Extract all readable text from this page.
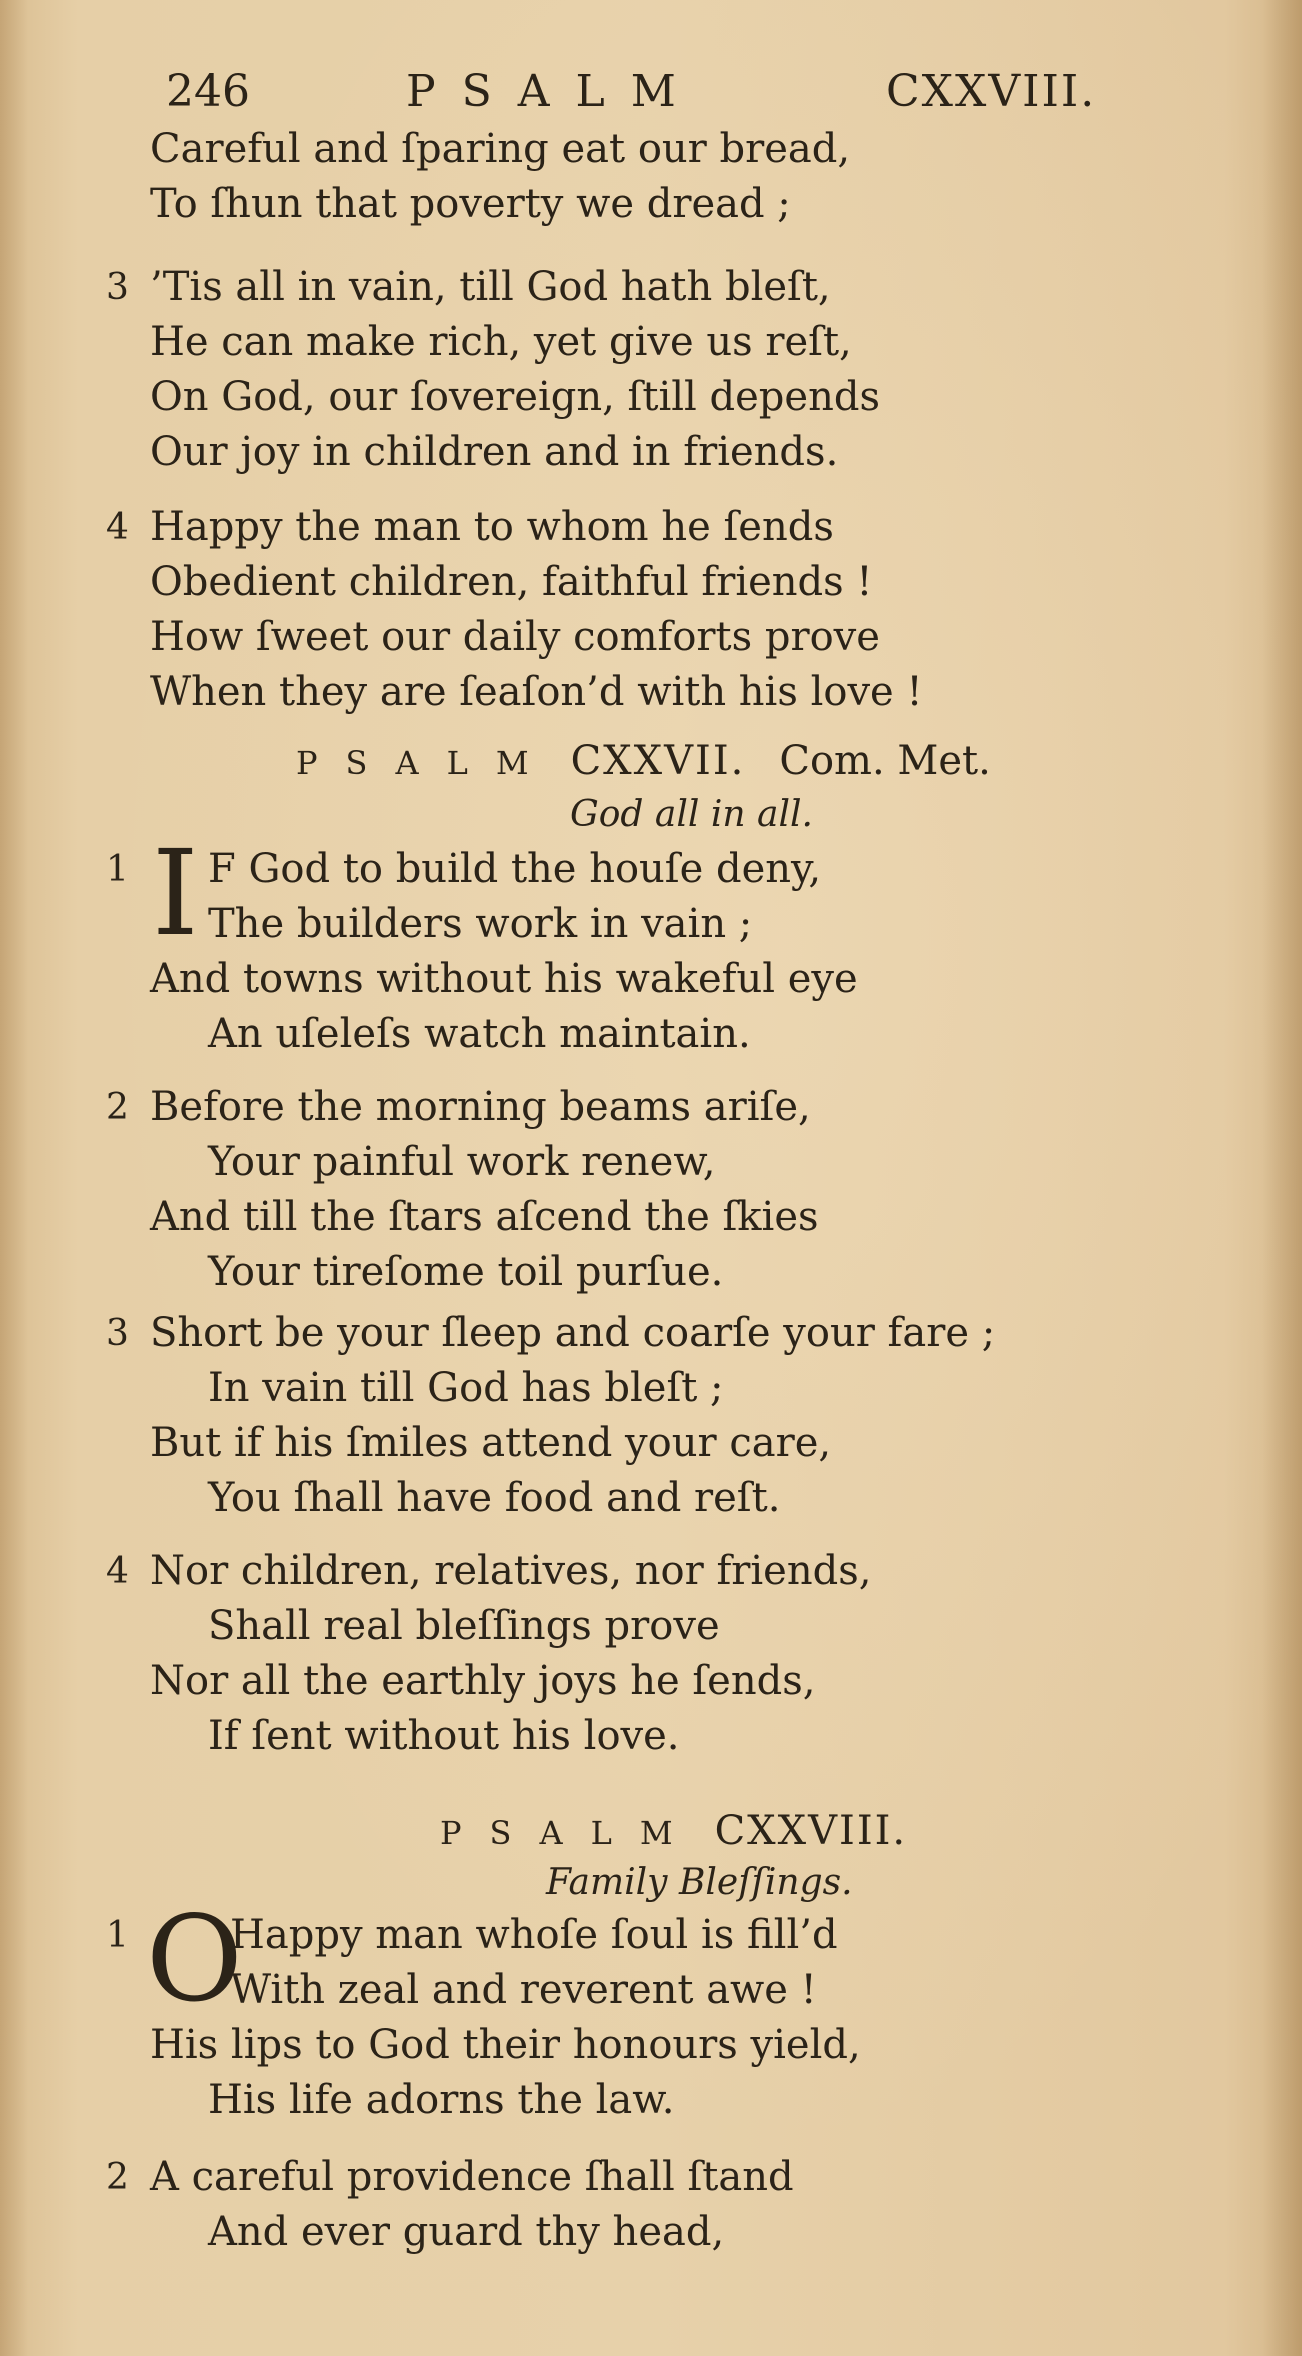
246	PSALM	CXXVIII.
Careful and ſparing eat our bread,
To ſhun that poverty we dread ;
3 ’Tis all in vain, till God hath bleſt,
He can make rich, yet give us reſt,
On God, our ſovereign, ſtill depends
Our joy in children and in friends.
4 Happy the man to whom he ſends
Obedient children, faithful friends !
How ſweet our daily comforts prove
When they are ſeaſon’d with his love !
PSALM CXXVII. Com. Met.
God all in all.
I
1 F God to build the houſe deny,
The builders work in vain ;
And towns without his wakeful eye
An uſeleſs watch maintain.
2 Before the morning beams ariſe,
Your painful work renew,
And till the ſtars aſcend the ſkies
Your tireſome toil purſue.
3 Short be your ſleep and coarſe your fare ;
In vain till God has bleſt ;
But if his ſmiles attend your care,
You ſhall have food and reſt.
4 Nor children, relatives, nor friends,
Shall real bleſſings prove
Nor all the earthly joys he ſends,
If ſent without his love.
PSALM CXXVIII.
Family Bleſſings.
O
1	Happy man whoſe ſoul is fill’d
With zeal and reverent awe !
His lips to God their honours yield,
His life adorns the law.
2 A careful providence ſhall ſtand
And ever guard thy head,
